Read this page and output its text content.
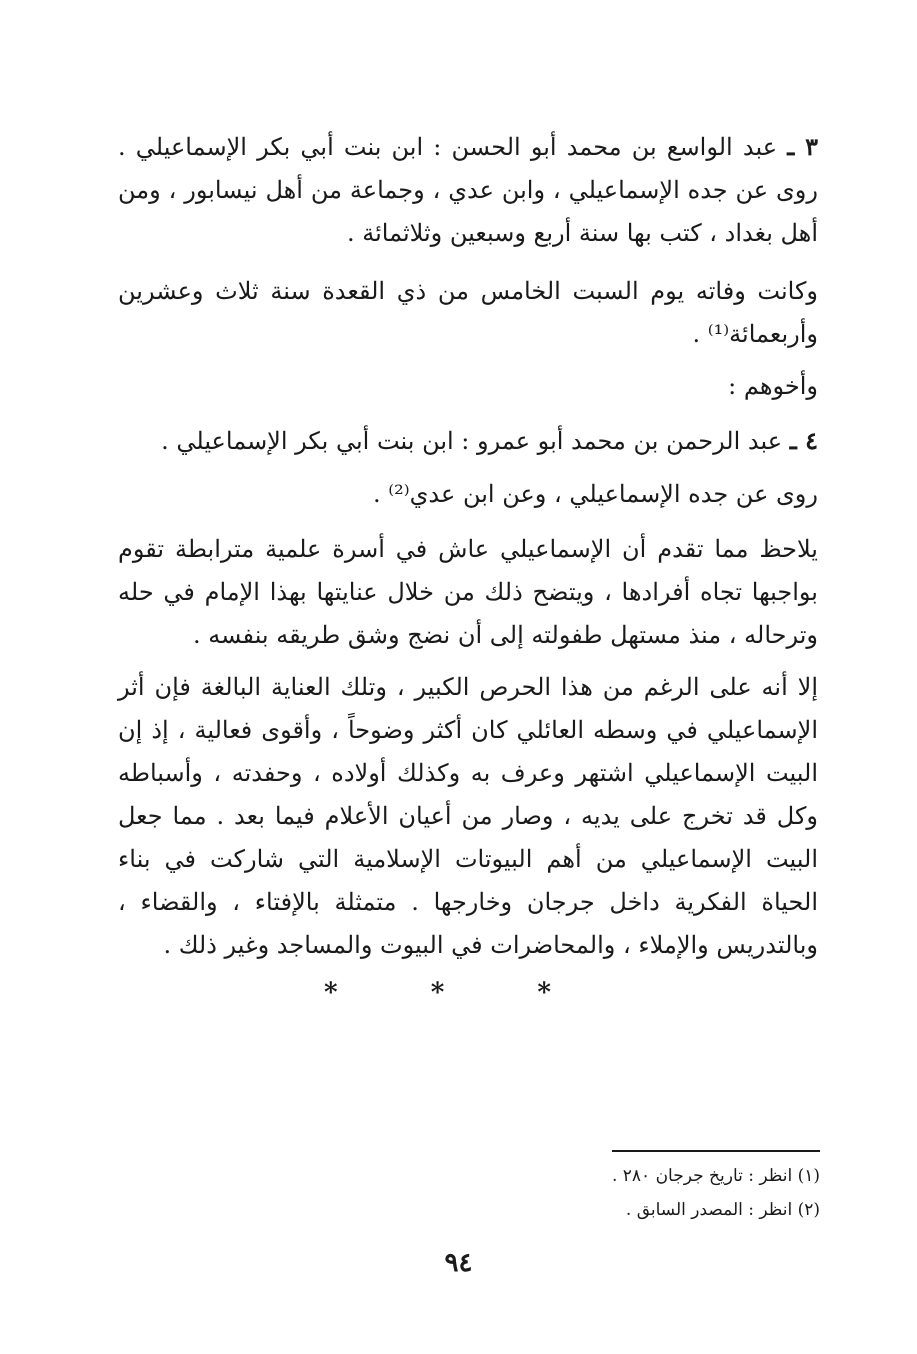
٣ ـ عبد الواسع بن محمد أبو الحسن : ابن بنت أبي بكر الإسماعيلي . روى عن جده الإسماعيلي ، وابن عدي ، وجماعة من أهل نيسابور ، ومن أهل بغداد ، كتب بها سنة أربع وسبعين وثلاثمائة .
وكانت وفاته يوم السبت الخامس من ذي القعدة سنة ثلاث وعشرين وأربعمائة⁽¹⁾ .
وأخوهم :
٤ ـ عبد الرحمن بن محمد أبو عمرو : ابن بنت أبي بكر الإسماعيلي .
روى عن جده الإسماعيلي ، وعن ابن عدي⁽²⁾ .
يلاحظ مما تقدم أن الإسماعيلي عاش في أسرة علمية مترابطة تقوم بواجبها تجاه أفرادها ، ويتضح ذلك من خلال عنايتها بهذا الإمام في حله وترحاله ، منذ مستهل طفولته إلى أن نضج وشق طريقه بنفسه .
إلا أنه على الرغم من هذا الحرص الكبير ، وتلك العناية البالغة فإن أثر الإسماعيلي في وسطه العائلي كان أكثر وضوحاً ، وأقوى فعالية ، إذ إن البيت الإسماعيلي اشتهر وعرف به وكذلك أولاده ، وحفدته ، وأسباطه وكل قد تخرج على يديه ، وصار من أعيان الأعلام فيما بعد . مما جعل البيت الإسماعيلي من أهم البيوتات الإسلامية التي شاركت في بناء الحياة الفكرية داخل جرجان وخارجها . متمثلة بالإفتاء ، والقضاء ، وبالتدريس والإملاء ، والمحاضرات في البيوت والمساجد وغير ذلك .
* * *
(١) انظر : تاريخ جرجان ٢٨٠ .
(٢) انظر : المصدر السابق .
٩٤
